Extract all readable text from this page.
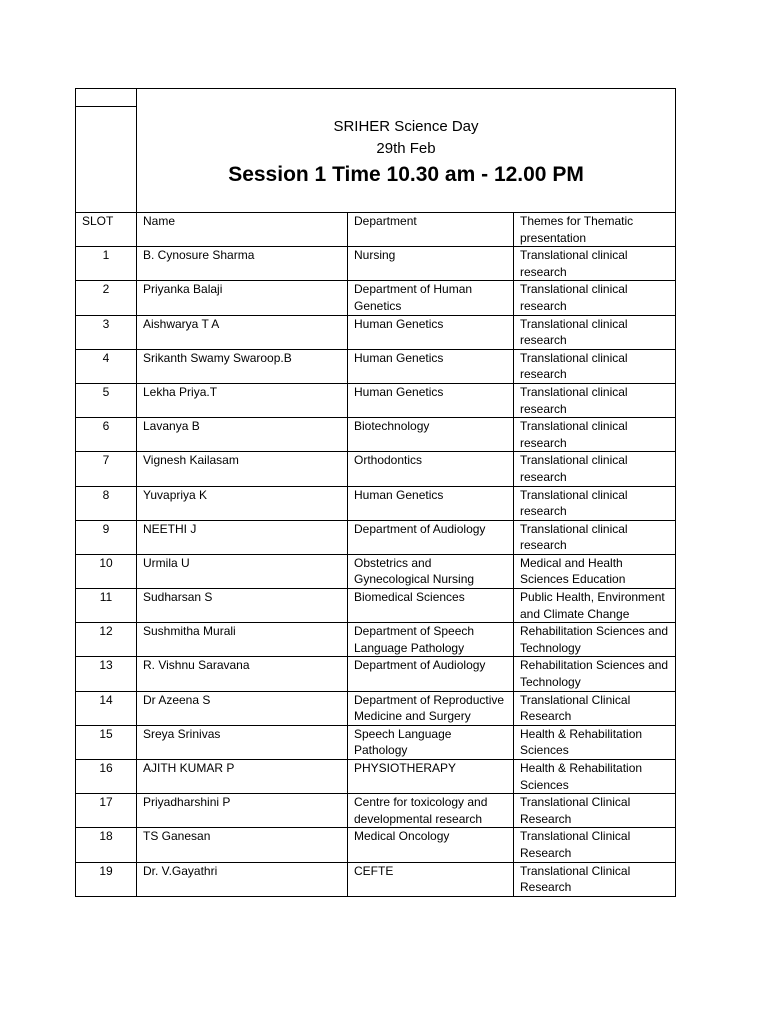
	SRIHER Science Day
29th Feb
Session 1 Time 10.30 am - 12.00 PM		

SLOT	Name	Department	Themes for Thematic presentation
1	B. Cynosure Sharma	Nursing	Translational clinical research
2	Priyanka Balaji	Department of Human Genetics	Translational clinical research
3	Aishwarya T A	Human Genetics	Translational clinical research
4	Srikanth Swamy Swaroop.B	Human Genetics	Translational clinical research
5	Lekha Priya.T	Human Genetics	Translational clinical research
6	Lavanya B	Biotechnology	Translational clinical research
7	Vignesh Kailasam	Orthodontics	Translational clinical research
8	Yuvapriya K	Human Genetics	Translational clinical research
9	NEETHI J	Department of Audiology	Translational clinical research
10	Urmila U	Obstetrics and Gynecological Nursing	Medical and Health Sciences Education
11	Sudharsan S	Biomedical Sciences	Public Health, Environment and Climate Change
12	Sushmitha Murali	Department of Speech Language Pathology	Rehabilitation Sciences and Technology
13	R. Vishnu Saravana	Department of Audiology	Rehabilitation Sciences and Technology
14	Dr Azeena S	Department of Reproductive Medicine and Surgery	Translational Clinical Research
15	Sreya Srinivas	Speech Language Pathology	Health & Rehabilitation Sciences
16	AJITH KUMAR P	PHYSIOTHERAPY	Health & Rehabilitation Sciences
17	Priyadharshini P	Centre for toxicology and developmental research	Translational Clinical Research
18	TS Ganesan	Medical Oncology	Translational Clinical Research
19	Dr. V.Gayathri	CEFTE	Translational Clinical Research
